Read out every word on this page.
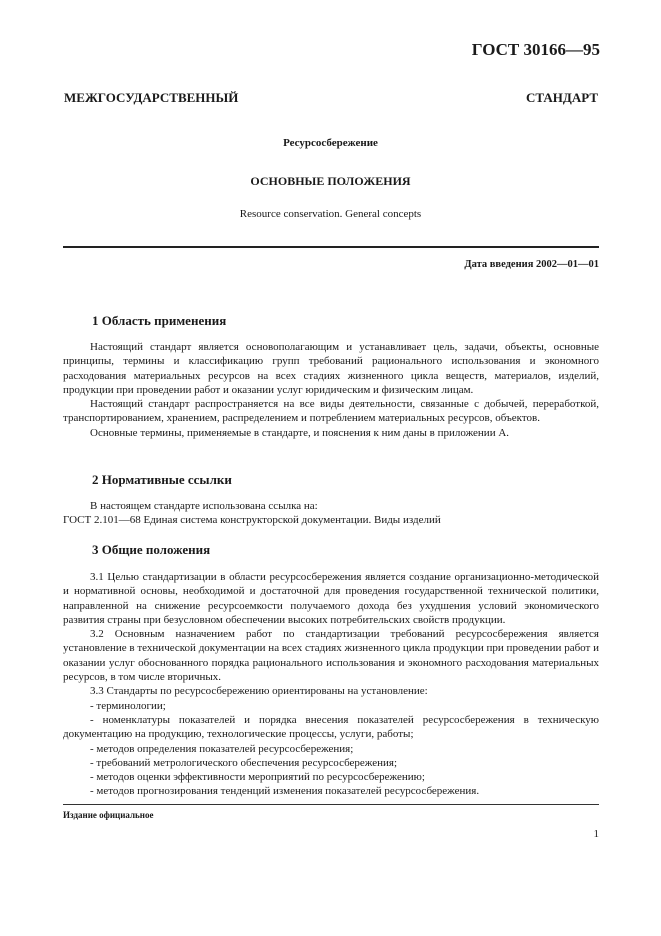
ГОСТ 30166—95
МЕЖГОСУДАРСТВЕННЫЙ СТАНДАРТ
Ресурсосбережение
ОСНОВНЫЕ ПОЛОЖЕНИЯ
Resource conservation. General concepts
Дата введения 2002—01—01
1 Область применения

Настоящий стандарт является основополагающим и устанавливает цель, задачи, объекты, основные принципы, термины и классификацию групп требований рационального использования и экономного расходования материальных ресурсов на всех стадиях жизненного цикла веществ, материалов, изделий, продукции при проведении работ и оказании услуг юридическим и физическим лицам.

Настоящий стандарт распространяется на все виды деятельности, связанные с добычей, переработкой, транспортированием, хранением, распределением и потреблением материальных ресурсов, объектов.

Основные термины, применяемые в стандарте, и пояснения к ним даны в приложении А.

2 Нормативные ссылки

В настоящем стандарте использована ссылка на:

ГОСТ 2.101—68 Единая система конструкторской документации. Виды изделий

3 Общие положения

3.1 Целью стандартизации в области ресурсосбережения является создание организационно-методической и нормативной основы, необходимой и достаточной для проведения государственной технической политики, направленной на снижение ресурсоемкости получаемого дохода без ухудшения условий экономического развития страны при безусловном обеспечении высоких потребительских свойств продукции.

3.2 Основным назначением работ по стандартизации требований ресурсосбережения является установление в технической документации на всех стадиях жизненного цикла продукции при проведении работ и оказании услуг обоснованного порядка рационального использования и экономного расходования материальных ресурсов, в том числе вторичных.

3.3 Стандарты по ресурсосбережению ориентированы на установление:

- терминологии;

- номенклатуры показателей и порядка внесения показателей ресурсосбережения в техническую документацию на продукцию, технологические процессы, услуги, работы;

- методов определения показателей ресурсосбережения;

- требований метрологического обеспечения ресурсосбережения;

- методов оценки эффективности мероприятий по ресурсосбережению;

- методов прогнозирования тенденций изменения показателей ресурсосбережения.

Издание официальное
1
